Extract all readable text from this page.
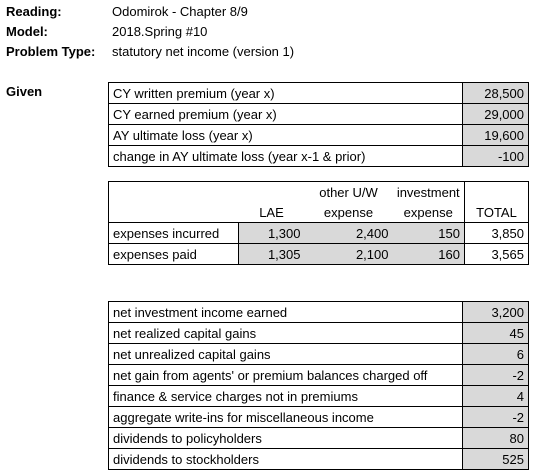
Reading:	Odomirok - Chapter 8/9
Model:	2018.Spring #10
Problem Type: statutory net income (version 1)
Given	CY written premium (year x)	28,500
CY earned premium (year x)	29,000
AY ultimate loss (year x)	19,600
change in AY ultimate loss (year x-1 & prior)	-100
		other U/W	investment	
	LAE	expense	expense	TOTAL
expenses incurred	1,300	2,400	150	3,850
expenses paid	1,305	2,100	160	3,565
net investment income earned	3,200
net realized capital gains	45
net unrealized capital gains	6
net gain from agents' or premium balances charged off	-2
finance & service charges not in premiums	4
aggregate write-ins for miscellaneous income	-2
dividends to policyholders	80
dividends to stockholders	525
